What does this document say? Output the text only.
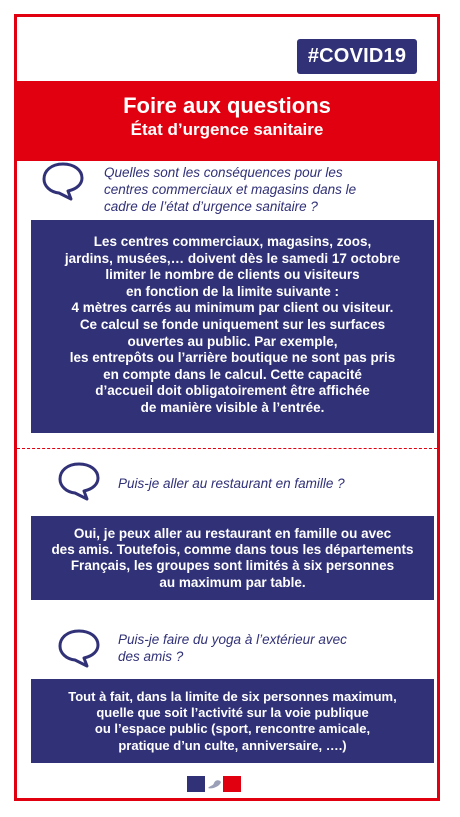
#COVID19
Foire aux questions
État d’urgence sanitaire
Quelles sont les conséquences pour les
centres commerciaux et magasins dans le
cadre de l’état d’urgence sanitaire ?
Les centres commerciaux, magasins, zoos,
jardins, musées,… doivent dès le samedi 17 octobre
limiter le nombre de clients ou visiteurs
en fonction de la limite suivante :
4 mètres carrés au minimum par client ou visiteur.
Ce calcul se fonde uniquement sur les surfaces
ouvertes au public. Par exemple,
les entrepôts ou l’arrière boutique ne sont pas pris
en compte dans le calcul. Cette capacité
d’accueil doit obligatoirement être affichée
de manière visible à l’entrée.
Puis-je aller au restaurant en famille ?
Oui, je peux aller au restaurant en famille ou avec
des amis. Toutefois, comme dans tous les départements
Français, les groupes sont limités à six personnes
au maximum par table.
Puis-je faire du yoga à l’extérieur avec
des amis ?
Tout à fait, dans la limite de six personnes maximum,
quelle que soit l’activité sur la voie publique
ou l’espace public (sport, rencontre amicale,
pratique d’un culte, anniversaire, ….)
